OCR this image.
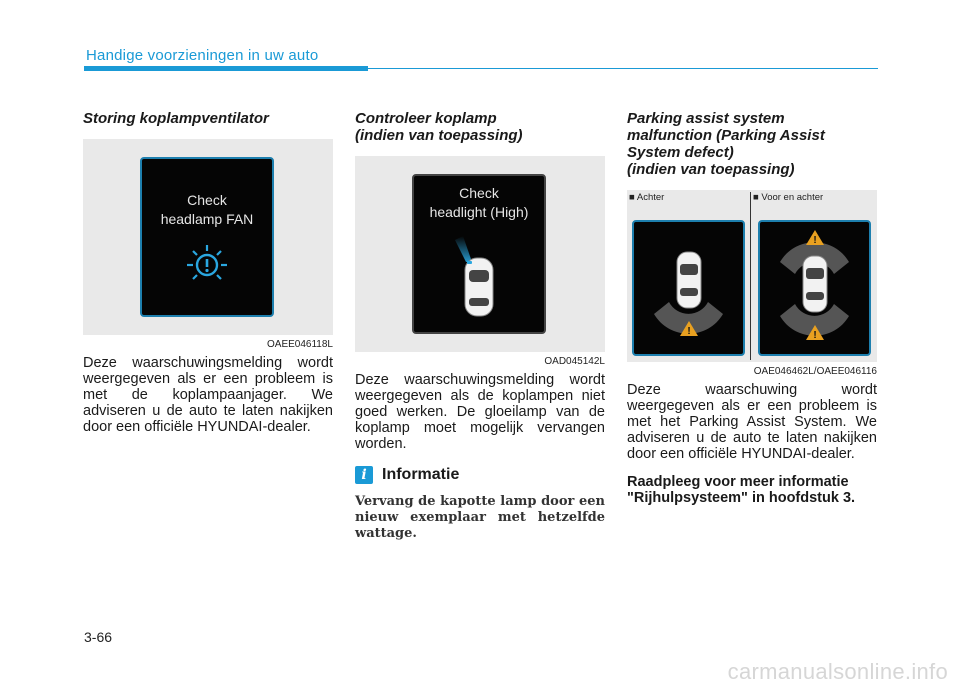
Handige voorzieningen in uw auto
Storing koplampventilator
Check
headlamp FAN
OAEE046118L

Deze waarschuwingsmelding wordt weergegeven als er een probleem is met de koplampaanjager. We adviseren u de auto te laten nakijken door een officiële HYUNDAI-dealer.

Controleer koplamp
(indien van toepassing)
Check
headlight (High)
OAD045142L

Deze waarschuwingsmelding wordt weergegeven als de koplampen niet goed werken. De gloeilamp van de koplamp moet mogelijk vervangen worden.

i Informatie

Vervang de kapotte lamp door een nieuw exemplaar met hetzelfde wattage.

Parking assist system
malfunction (Parking Assist
System defect)
(indien van toepassing)
■ Achter	■ Voor en achter
!
!
!
OAE046462L/OAEE046116

Deze waarschuwing wordt weergegeven als er een probleem is met het Parking Assist System. We adviseren u de auto te laten nakijken door een officiële HYUNDAI-dealer.

Raadpleeg voor meer informatie "Rijhulpsysteem" in hoofdstuk 3.

3-66
carmanualsonline.info
